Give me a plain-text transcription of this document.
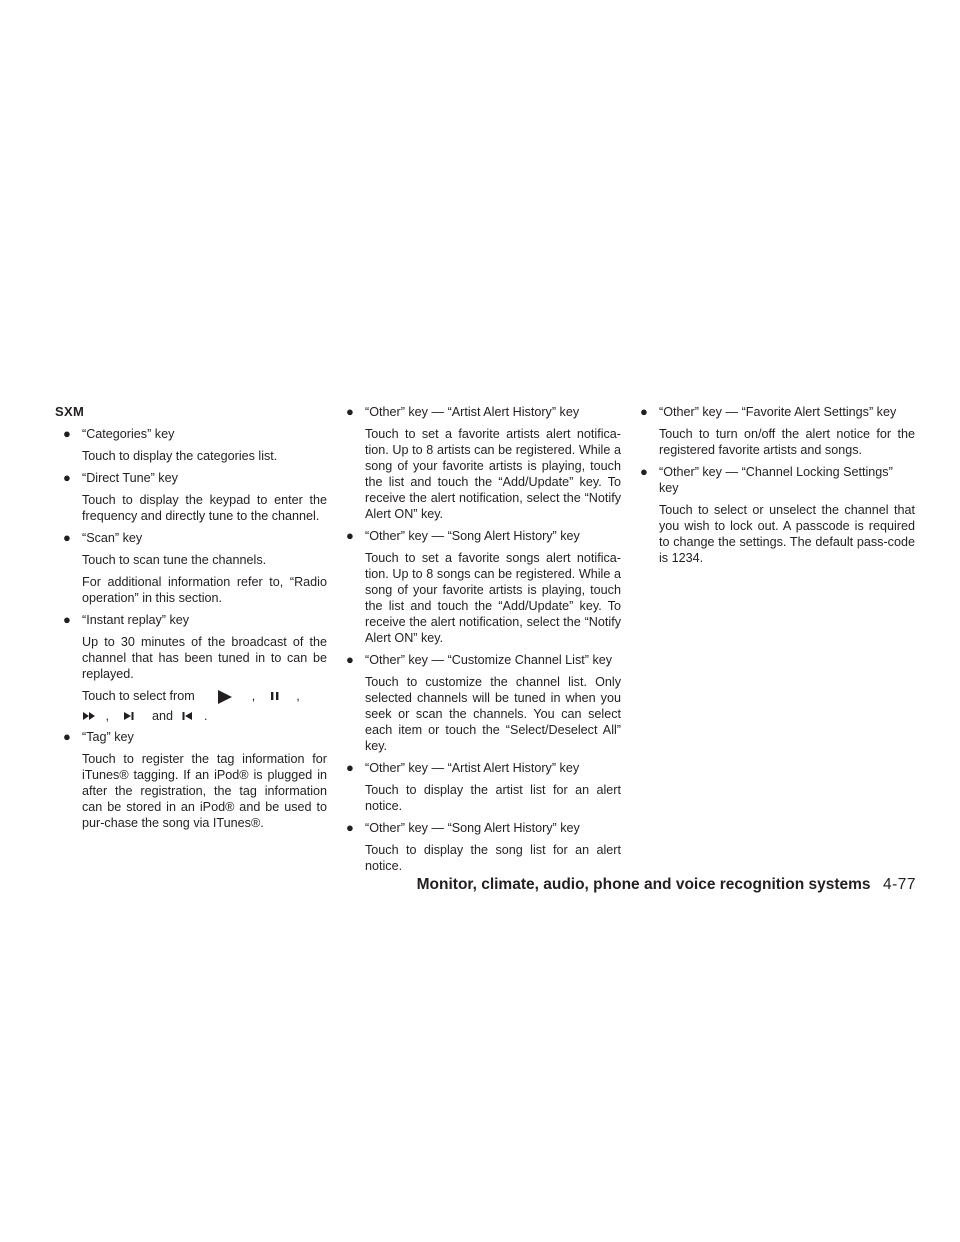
SXM
● “Categories” key
Touch to display the categories list.
● “Direct Tune” key
Touch to display the keypad to enter the frequency and directly tune to the channel.
● “Scan” key
Touch to scan tune the channels.
For additional information refer to, “Radio operation” in this section.
● “Instant replay” key
Up to 30 minutes of the broadcast of the channel that has been tuned in to can be replayed.
Touch to select from	,	,
,	and .
● “Tag” key
Touch to register the tag information for iTunes® tagging. If an iPod® is plugged in after the registration, the tag information can be stored in an iPod® and be used to pur-chase the song via ITunes®.
● “Other” key — “Artist Alert History” key
Touch to set a favorite artists alert notifica-tion. Up to 8 artists can be registered. While a song of your favorite artists is playing, touch the list and touch the “Add/Update” key. To receive the alert notification, select the “Notify Alert ON” key.
● “Other” key — “Song Alert History” key
Touch to set a favorite songs alert notifica-tion. Up to 8 songs can be registered. While a song of your favorite artists is playing, touch the list and touch the “Add/Update” key. To receive the alert notification, select the “Notify Alert ON” key.
● “Other” key — “Customize Channel List” key
Touch to customize the channel list. Only selected channels will be tuned in when you seek or scan the channels. You can select each item or touch the “Select/Deselect All” key.
● “Other” key — “Artist Alert History” key
Touch to display the artist list for an alert notice.
● “Other” key — “Song Alert History” key
Touch to display the song list for an alert notice.
● “Other” key — “Favorite Alert Settings” key
Touch to turn on/off the alert notice for the registered favorite artists and songs.
● “Other” key — “Channel Locking Settings” key
Touch to select or unselect the channel that you wish to lock out. A passcode is required to change the settings. The default pass-code is 1234.
Monitor, climate, audio, phone and voice recognition systems 4-77
